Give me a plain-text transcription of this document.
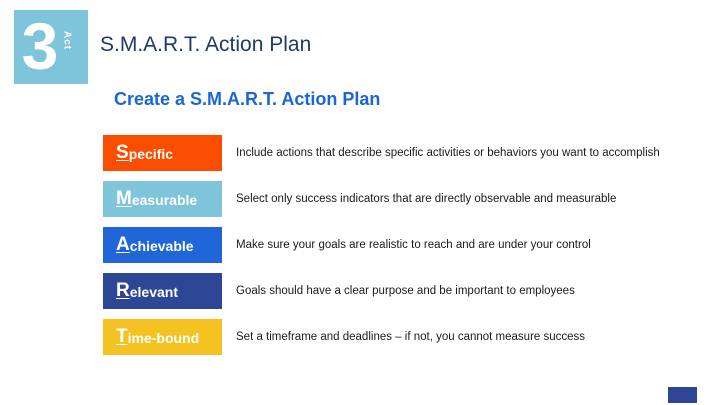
3 Act S.M.A.R.T. Action Plan
Create a S.M.A.R.T. Action Plan
S pecific	Include actions that describe specific activities or behaviors you want to accomplish
M easurable	Select only success indicators that are directly observable and measurable
A chievable	Make sure your goals are realistic to reach and are under your control
R elevant	Goals should have a clear purpose and be important to employees
T ime-bound	Set a timeframe and deadlines – if not, you cannot measure success
